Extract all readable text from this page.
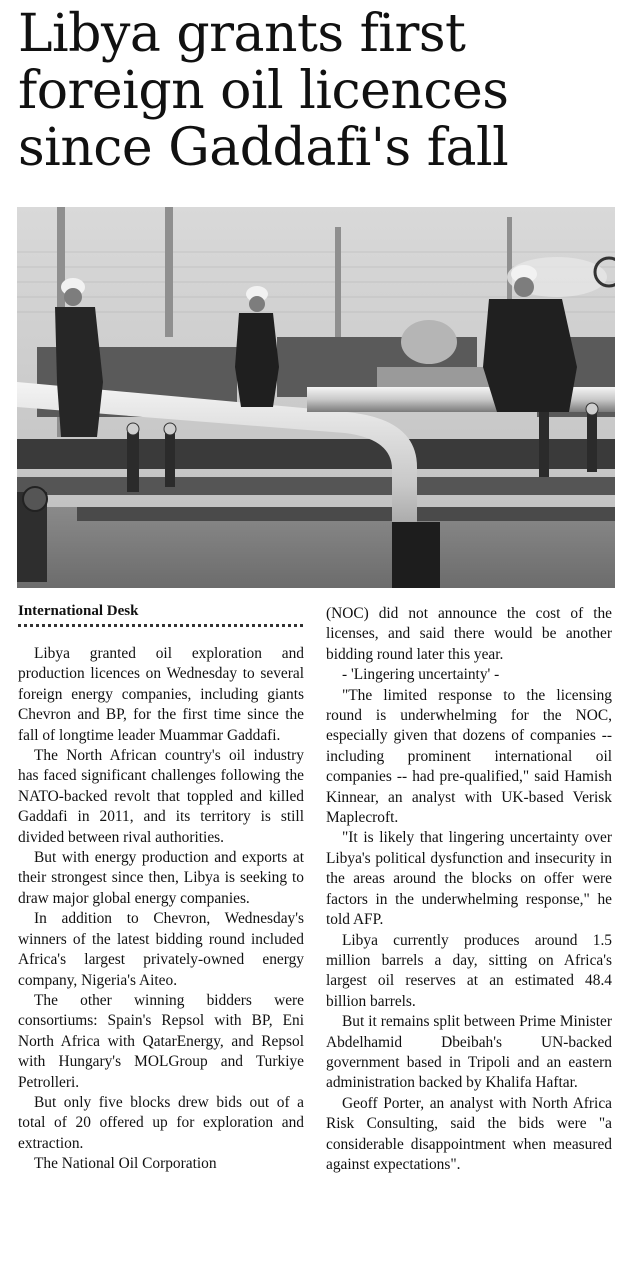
Libya grants first foreign oil licences since Gaddafi's fall
International Desk

Libya granted oil exploration and production licences on Wednesday to several foreign energy companies, including giants Chevron and BP, for the first time since the fall of longtime leader Muammar Gaddafi.

The North African country's oil industry has faced significant challenges following the NATO-backed revolt that toppled and killed Gaddafi in 2011, and its territory is still divided between rival authorities.

But with energy production and exports at their strongest since then, Libya is seeking to draw major global energy companies.

In addition to Chevron, Wednesday's winners of the latest bidding round included Africa's largest privately-owned energy company, Nigeria's Aiteo.

The other winning bidders were consortiums: Spain's Repsol with BP, Eni North Africa with QatarEnergy, and Repsol with Hungary's MOLGroup and Turkiye Petrolleri.

But only five blocks drew bids out of a total of 20 offered up for exploration and extraction.

The National Oil Corporation

(NOC) did not announce the cost of the licenses, and said there would be another bidding round later this year.

- 'Lingering uncertainty' -

"The limited response to the licensing round is underwhelming for the NOC, especially given that dozens of companies -- including prominent international oil companies -- had pre-qualified," said Hamish Kinnear, an analyst with UK-based Verisk Maplecroft.

"It is likely that lingering uncertainty over Libya's political dysfunction and insecurity in the areas around the blocks on offer were factors in the underwhelming response," he told AFP.

Libya currently produces around 1.5 million barrels a day, sitting on Africa's largest oil reserves at an estimated 48.4 billion barrels.

But it remains split between Prime Minister Abdelhamid Dbeibah's UN-backed government based in Tripoli and an eastern administration backed by Khalifa Haftar.

Geoff Porter, an analyst with North Africa Risk Consulting, said the bids were "a considerable disappointment when measured against expectations".
